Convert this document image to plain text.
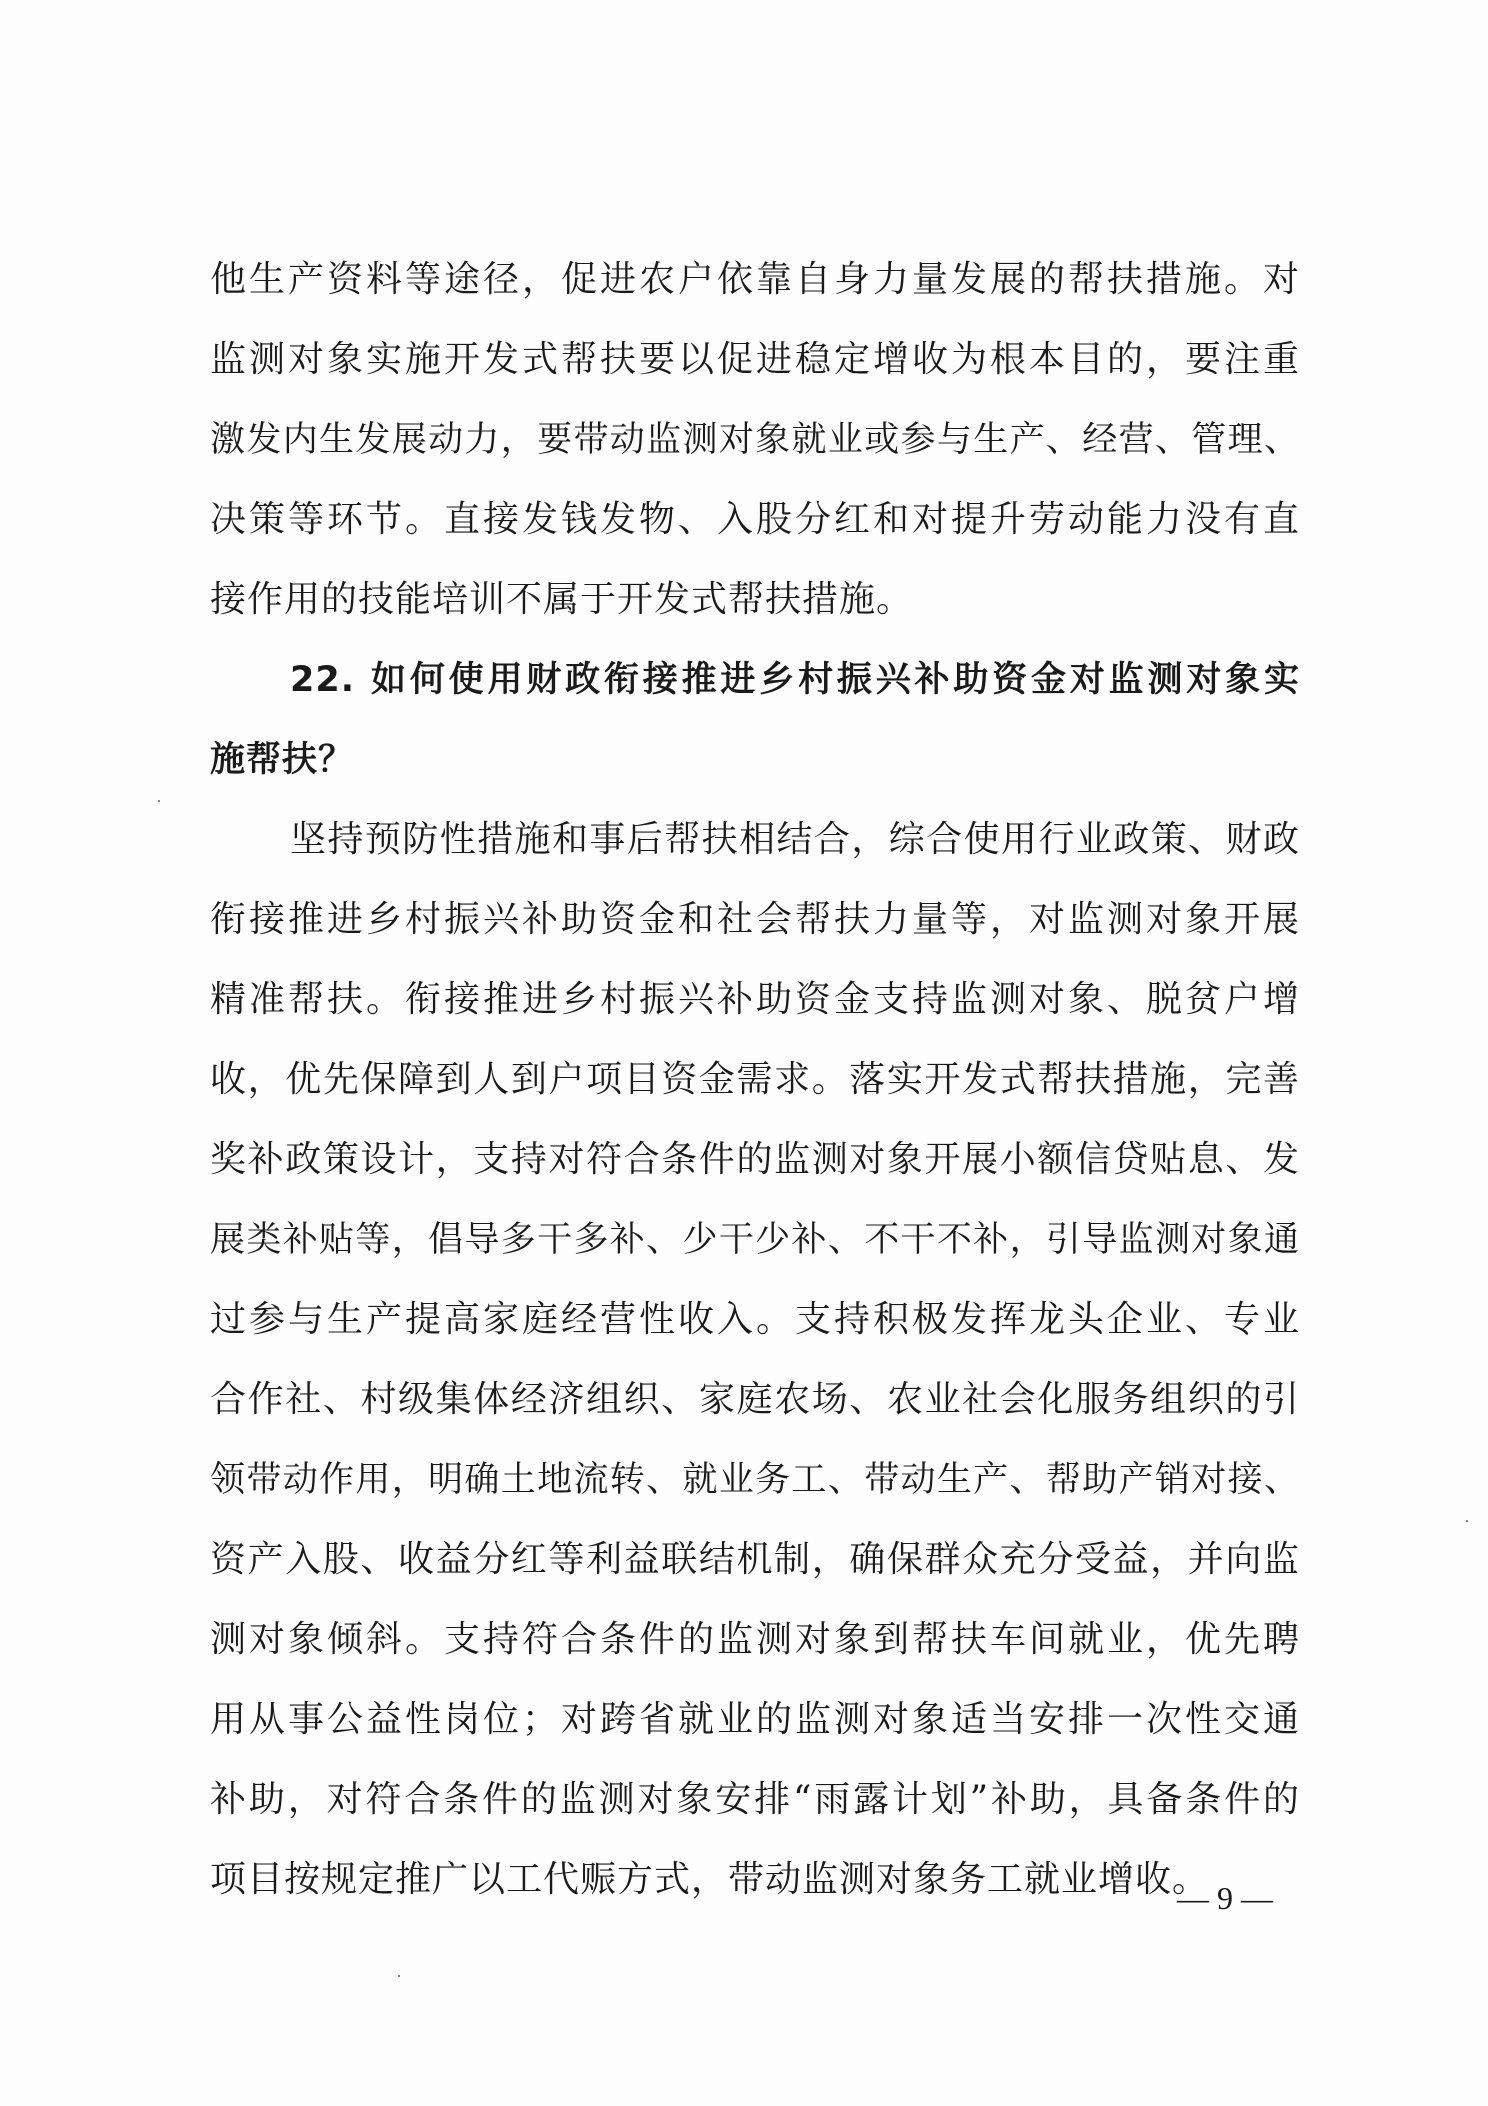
他生产资料等途径，促进农户依靠自身力量发展的帮扶措施。对
监测对象实施开发式帮扶要以促进稳定增收为根本目的，要注重
激发内生发展动力，要带动监测对象就业或参与生产、经营、管理、
决策等环节。直接发钱发物、入股分红和对提升劳动能力没有直
接作用的技能培训不属于开发式帮扶措施。
22. 如何使用财政衔接推进乡村振兴补助资金对监测对象实
施帮扶？
坚持预防性措施和事后帮扶相结合，综合使用行业政策、财政
衔接推进乡村振兴补助资金和社会帮扶力量等，对监测对象开展
精准帮扶。衔接推进乡村振兴补助资金支持监测对象、脱贫户增
收，优先保障到人到户项目资金需求。落实开发式帮扶措施，完善
奖补政策设计，支持对符合条件的监测对象开展小额信贷贴息、发
展类补贴等，倡导多干多补、少干少补、不干不补，引导监测对象通
过参与生产提高家庭经营性收入。支持积极发挥龙头企业、专业
合作社、村级集体经济组织、家庭农场、农业社会化服务组织的引
领带动作用，明确土地流转、就业务工、带动生产、帮助产销对接、
资产入股、收益分红等利益联结机制，确保群众充分受益，并向监
测对象倾斜。支持符合条件的监测对象到帮扶车间就业，优先聘
用从事公益性岗位；对跨省就业的监测对象适当安排一次性交通
补助，对符合条件的监测对象安排“雨露计划”补助，具备条件的
项目按规定推广以工代赈方式，带动监测对象务工就业增收。
— 9 —
